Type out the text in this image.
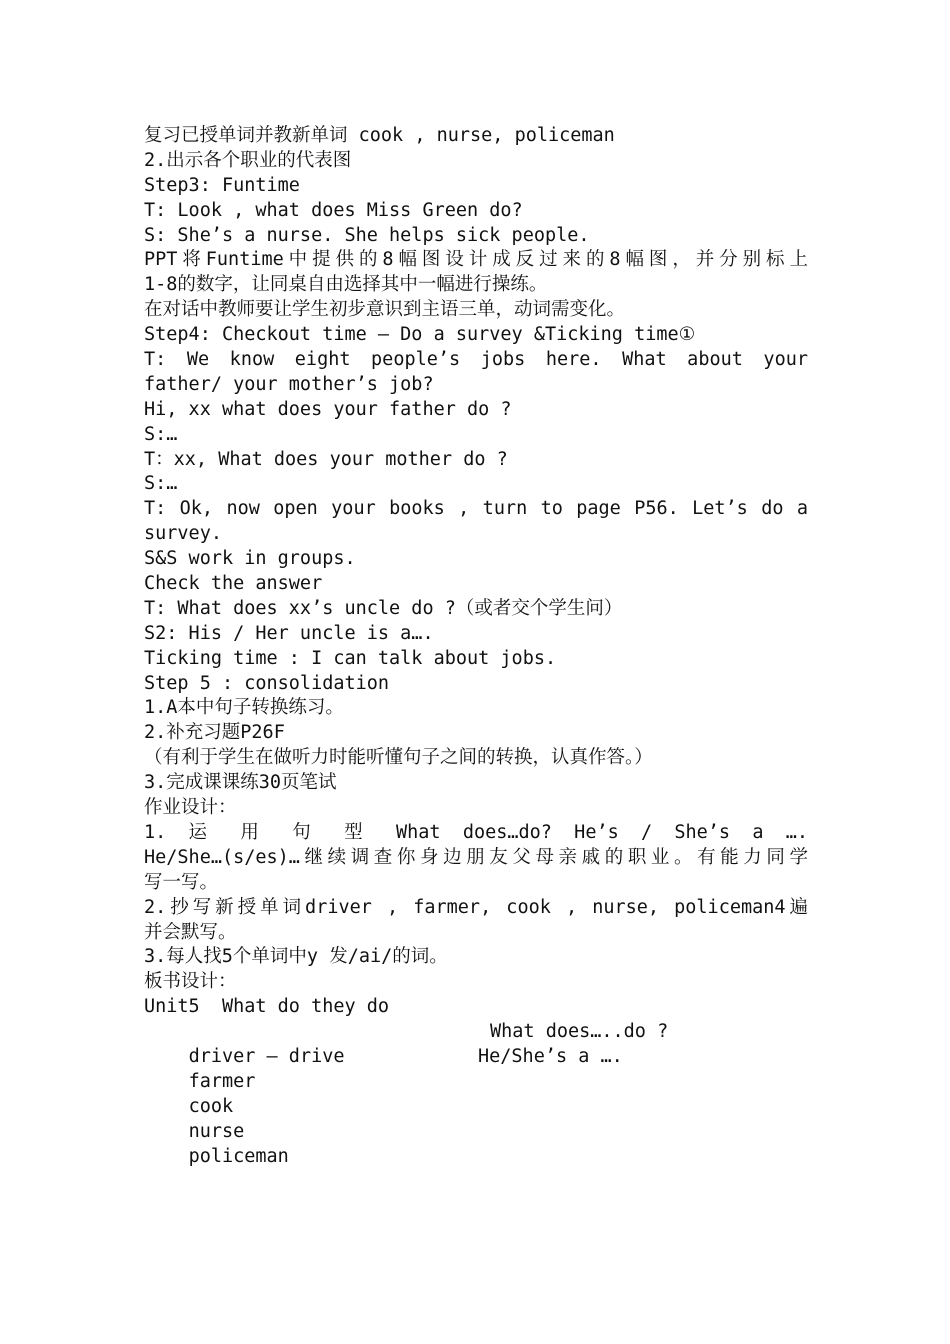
复习已授单词并教新单词 cook , nurse, policeman
2.出示各个职业的代表图
Step3: Funtime
T: Look , what does Miss Green do?
S: She’s a nurse. She helps sick people.
PPT将Funtime中提供的8幅图设计成反过来的8幅图，并分别标上
1-8的数字，让同桌自由选择其中一幅进行操练。
在对话中教师要让学生初步意识到主语三单，动词需变化。
Step4: Checkout time — Do a survey &Ticking time①
T: We know eight people’s jobs here. What about your
father/ your mother’s job?
Hi, xx what does your father do ?
S:…
T：xx, What does your mother do ?
S:…
T: Ok, now open your books , turn to page P56. Let’s do a
survey.
S&S work in groups.
Check the answer
T: What does xx’s uncle do ?（或者交个学生问）
S2: His / Her uncle is a….
Ticking time : I can talk about jobs.
Step 5 : consolidation
1.A本中句子转换练习。
2.补充习题P26F
（有利于学生在做听力时能听懂句子之间的转换，认真作答。）
3.完成课课练30页笔试
作业设计：
1. 运 用 句 型 What does…do? He’s / She’s a ….
He/She…(s/es)…继续调查你身边朋友父母亲戚的职业。有能力同学
写一写。
2.抄写新授单词driver , farmer, cook , nurse, policeman4遍
并会默写。
3.每人找5个单词中y 发/ai/的词。
板书设计：
Unit5  What do they do

driver — drive

What does…..do ?

farmer

He/She’s a ….

cook

nurse

policeman
